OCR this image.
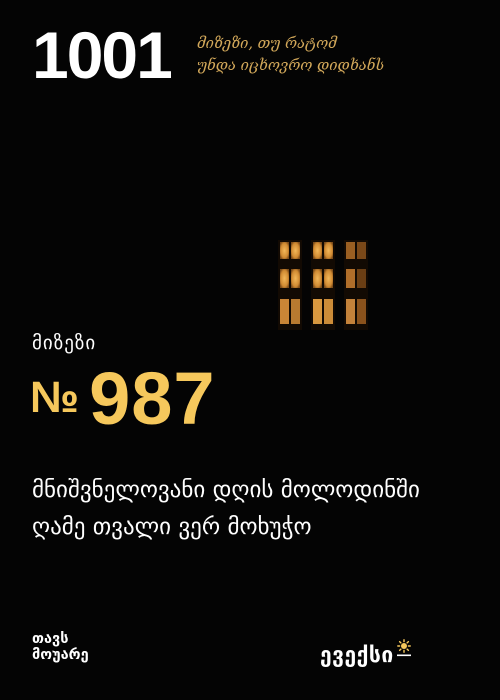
1001 მიზეზი, თუ რატომ
უნდა იცხოვრო დიდხანს
მიზეზი
№ 987
მნიშვნელოვანი დღის მოლოდინში ღამე თვალი ვერ მოხუჭო
თავს
მოუარე	ევექსი
